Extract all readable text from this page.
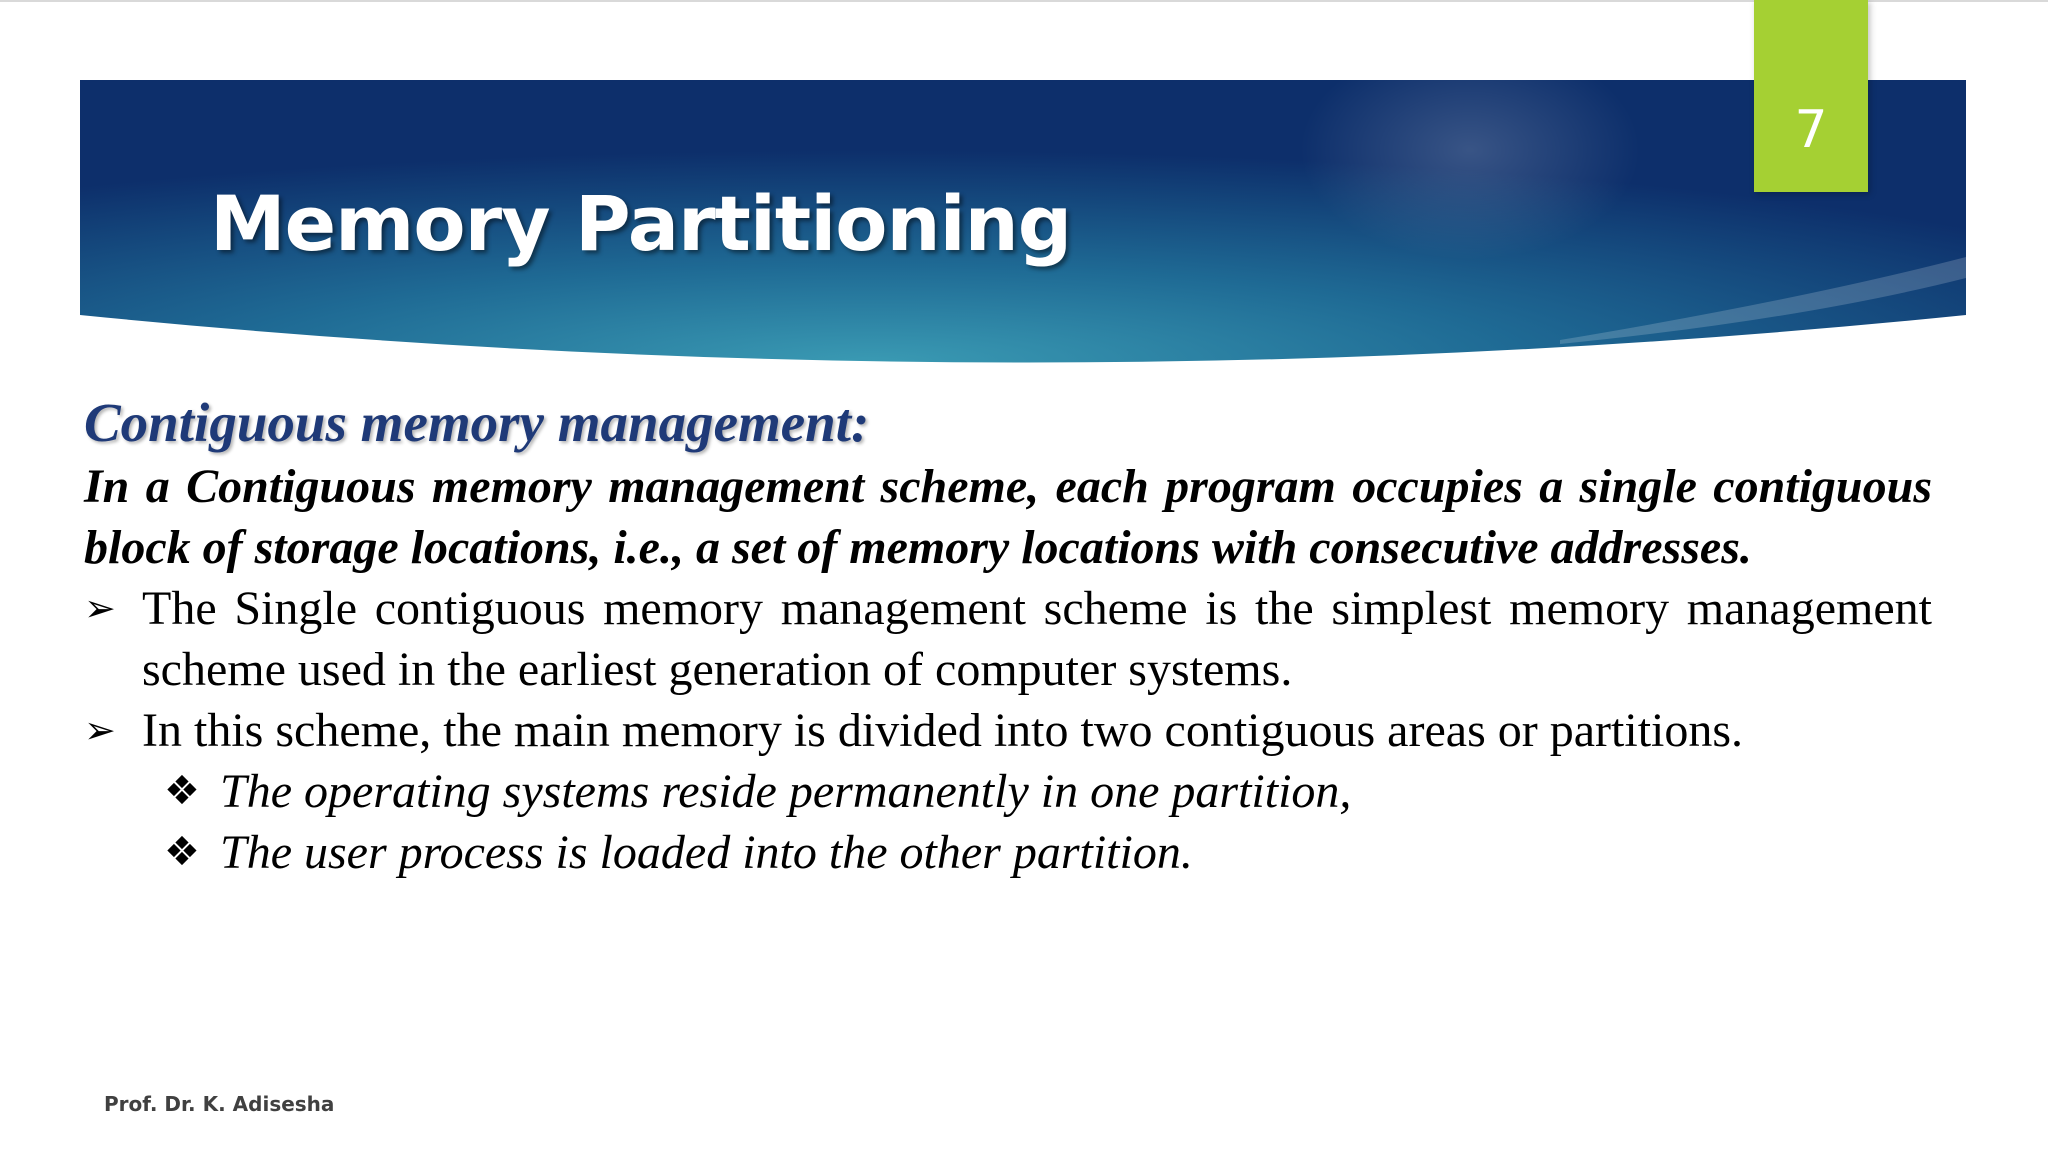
7
Memory Partitioning
Contiguous memory management:

In a Contiguous memory management scheme, each program occupies a single contiguous block of storage locations, i.e., a set of memory locations with consecutive addresses.

➢ The Single contiguous memory management scheme is the simplest memory management scheme used in the earliest generation of computer systems.
➢ In this scheme, the main memory is divided into two contiguous areas or partitions.
❖ The operating systems reside permanently in one partition,
❖ The user process is loaded into the other partition.
Prof. Dr. K. Adisesha
